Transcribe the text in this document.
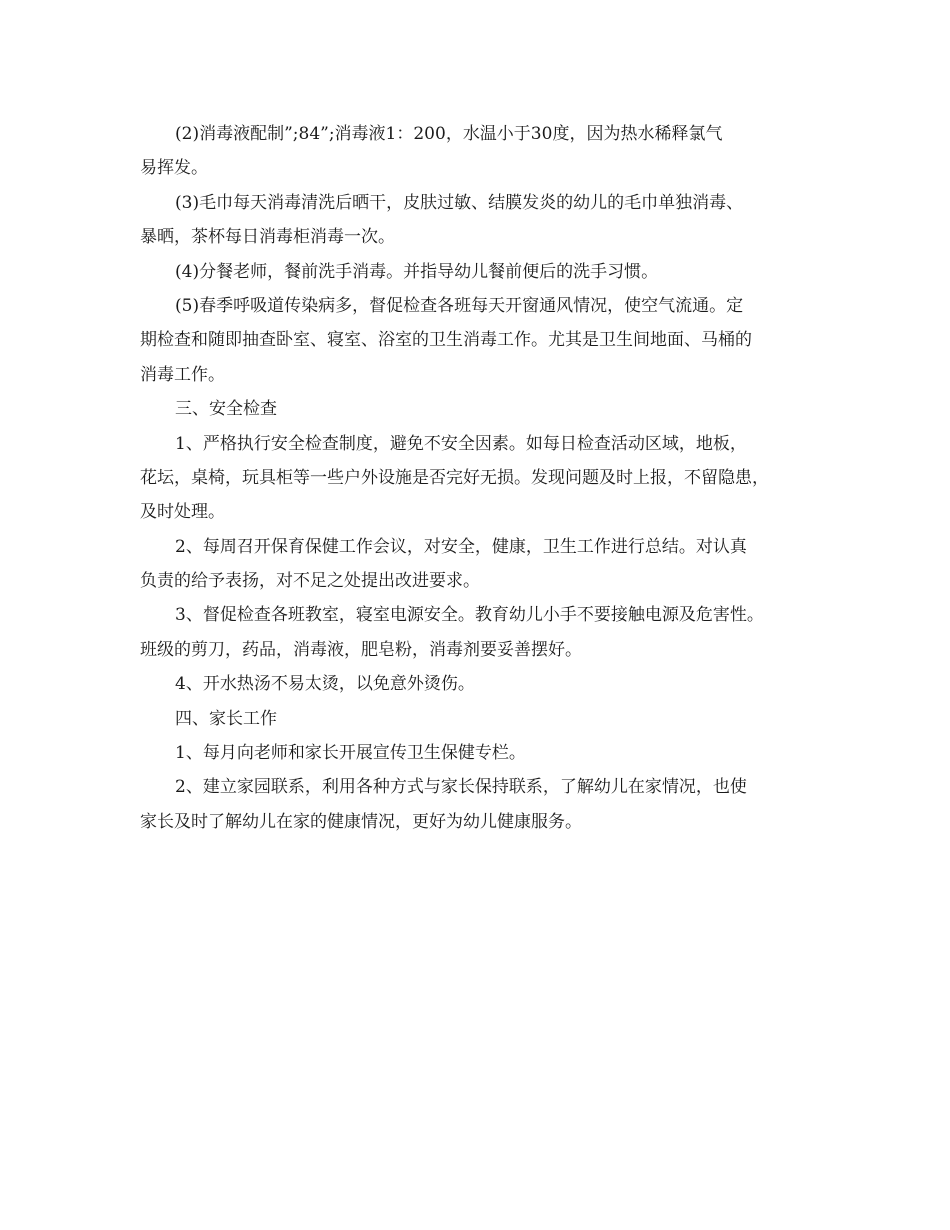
(2)消毒液配制”;84”;消毒液1：200，水温小于30度，因为热水稀释氯气
易挥发。
(3)毛巾每天消毒清洗后晒干，皮肤过敏、结膜发炎的幼儿的毛巾单独消毒、
暴晒，茶杯每日消毒柜消毒一次。
(4)分餐老师，餐前洗手消毒。并指导幼儿餐前便后的洗手习惯。
(5)春季呼吸道传染病多，督促检查各班每天开窗通风情况，使空气流通。定
期检查和随即抽查卧室、寝室、浴室的卫生消毒工作。尤其是卫生间地面、马桶的
消毒工作。
三、安全检查
1、严格执行安全检查制度，避免不安全因素。如每日检查活动区域，地板，
花坛，桌椅，玩具柜等一些户外设施是否完好无损。发现问题及时上报，不留隐患，
及时处理。
2、每周召开保育保健工作会议，对安全，健康，卫生工作进行总结。对认真
负责的给予表扬，对不足之处提出改进要求。
3、督促检查各班教室，寝室电源安全。教育幼儿小手不要接触电源及危害性。
班级的剪刀，药品，消毒液，肥皂粉，消毒剂要妥善摆好。
4、开水热汤不易太烫，以免意外烫伤。
四、家长工作
1、每月向老师和家长开展宣传卫生保健专栏。
2、建立家园联系，利用各种方式与家长保持联系，了解幼儿在家情况，也使
家长及时了解幼儿在家的健康情况，更好为幼儿健康服务。
